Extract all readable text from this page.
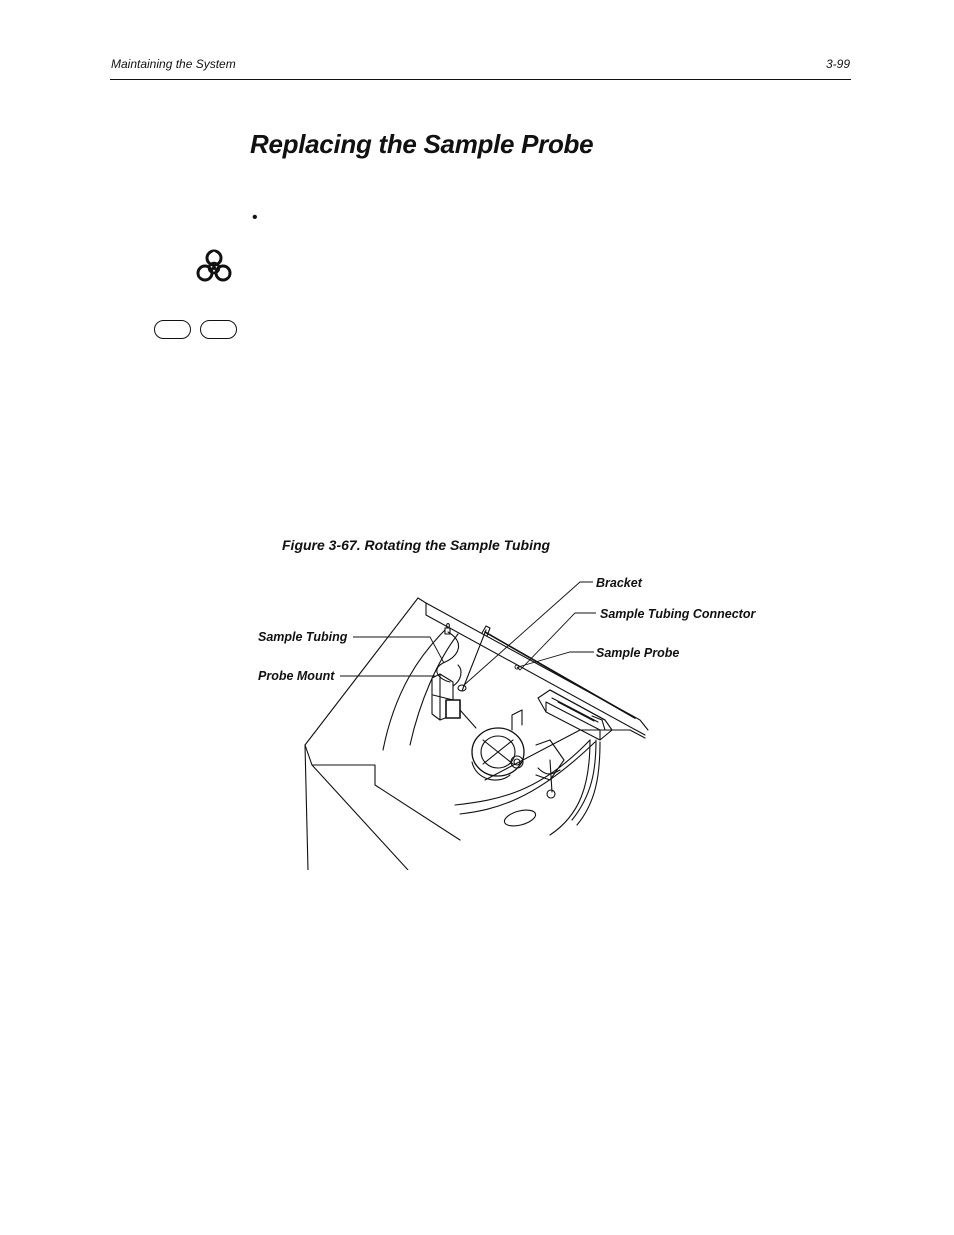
Maintaining the System	3-99
Replacing the Sample Probe
•
Figure 3-67. Rotating the Sample Tubing
Bracket
Sample Tubing Connector
Sample Tubing
Sample Probe
Probe Mount
